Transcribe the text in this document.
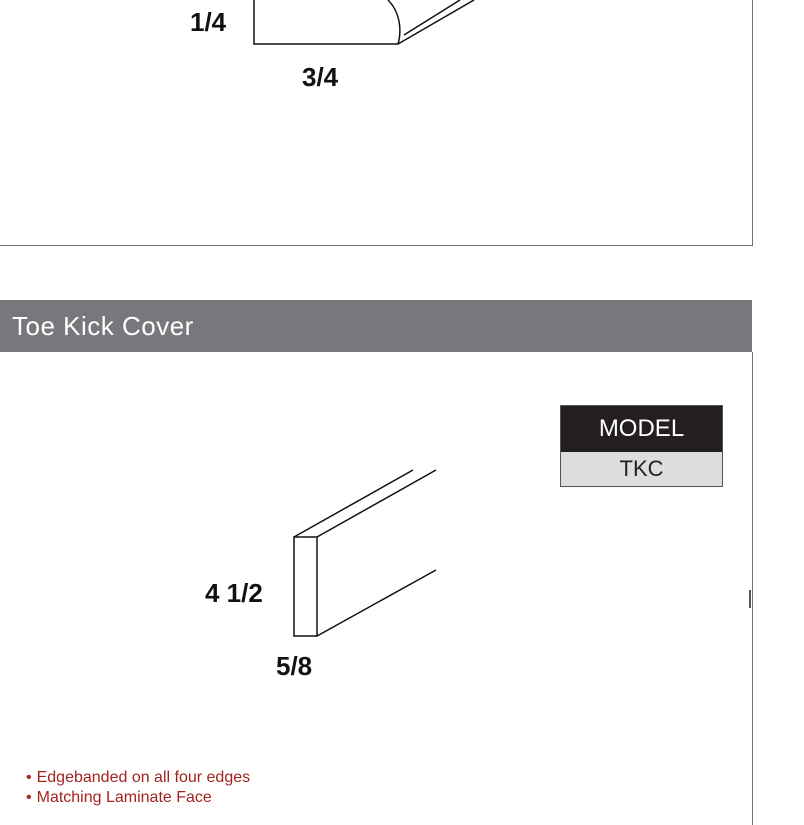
1/4
3/4
Toe Kick Cover
MODEL
TKC
4 1/2
5/8
• Edgebanded on all four edges
• Matching Laminate Face
